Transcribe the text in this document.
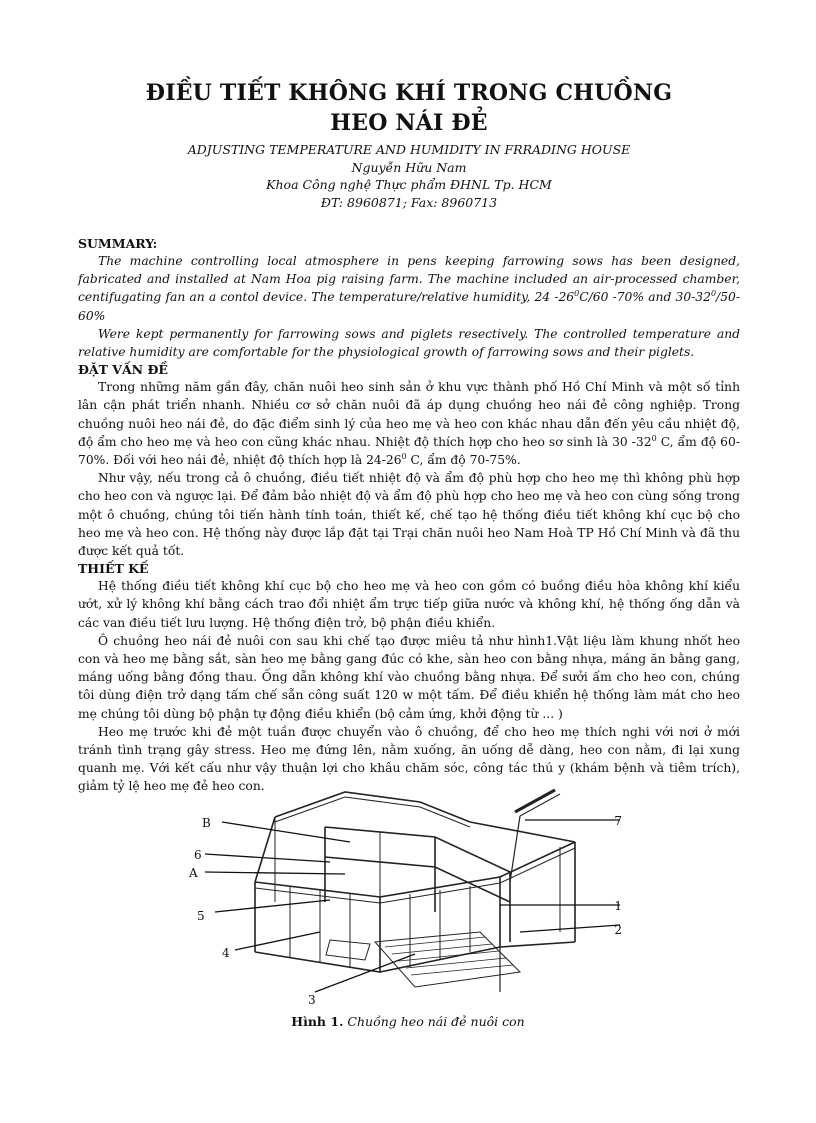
ĐIỀU TIẾT KHÔNG KHÍ TRONG CHUỒNG
HEO NÁI ĐẺ

ADJUSTING TEMPERATURE AND HUMIDITY IN FRRADING HOUSE

Nguyễn Hữu Nam

Khoa Công nghệ Thực phẩm ĐHNL Tp. HCM

ĐT: 8960871; Fax: 8960713

SUMMARY:

The machine controlling local atmosphere in pens keeping farrowing sows has been designed, fabricated and installed at Nam Hoa pig raising farm. The machine included an air-processed chamber, centifugating fan an a contol device. The temperature/relative humidity, 24 $-26^0C/60$ -70% and $30-32^0/50-60\%$

Were kept permanently for farrowing sows and piglets resectively. The controlled temperature and relative humidity are comfortable for the physiological growth of farrowing sows and their piglets.

ĐẶT VẤN ĐỀ

Trong những năm gần đây, chăn nuôi heo sinh sản ở khu vực thành phố Hồ Chí Minh và một số tỉnh lân cận phát triển nhanh. Nhiều cơ sở chăn nuôi đã áp dụng chuồng heo nái đẻ công nghiệp. Trong chuồng nuôi heo nái đẻ, do đặc điểm sinh lý của heo mẹ và heo con khác nhau dẫn đến yêu cầu nhiệt độ, độ ẩm cho heo mẹ và heo con cũng khác nhau. Nhiệt độ thích hợp cho heo sơ sinh là 30 $-32^0$ C, ẩm độ 60-70%. Đối với heo nái đẻ, nhiệt độ thích hợp là $24-26^0$ C, ẩm độ 70-75%.

Như vậy, nếu trong cả ô chuồng, điều tiết nhiệt độ và ẩm độ phù hợp cho heo mẹ thì không phù hợp cho heo con và ngược lại. Để đảm bảo nhiệt độ và ẩm độ phù hợp cho heo mẹ và heo con cùng sống trong một ô chuồng, chúng tôi tiến hành tính toán, thiết kế, chế tạo hệ thống điều tiết không khí cục bộ cho heo mẹ và heo con. Hệ thống này được lắp đặt tại Trại chăn nuôi heo Nam Hoà TP Hồ Chí Minh và đã thu được kết quả tốt.

THIẾT KẾ

Hệ thống điều tiết không khí cục bộ cho heo mẹ và heo con gồm có buồng điều hòa không khí kiểu ướt, xử lý không khí bằng cách trao đổi nhiệt ẩm trực tiếp giữa nước và không khí, hệ thống ống dẫn và các van điều tiết lưu lượng. Hệ thống điện trở, bộ phận điều khiển.

Ô chuồng heo nái đẻ nuôi con sau khi chế tạo được miêu tả như hình1.Vật liệu làm khung nhốt heo con và heo mẹ bằng sắt, sàn heo mẹ bằng gang đúc có khe, sàn heo con bằng nhựa, máng ăn bằng gang, máng uống bằng đồng thau. Ống dẫn không khí vào chuồng bằng nhựa. Để sưởi ấm cho heo con, chúng tôi dùng điện trở dạng tấm chế sẵn công suất 120 w một tấm. Để điều khiển hệ thống làm mát cho heo mẹ chúng tôi dùng bộ phận tự động điều khiển (bộ cảm ứng, khởi động từ ... )

Heo mẹ trước khi đẻ một tuần được chuyển vào ô chuồng, để cho heo mẹ thích nghi với nơi ở mới tránh tình trạng gây stress. Heo mẹ đứng lên, nằm xuống, ăn uống dễ dàng, heo con nằm, đi lại xung quanh mẹ. Với kết cấu như vậy thuận lợi cho khâu chăm sóc, công tác thú y (khám bệnh và tiêm trích), giảm tỷ lệ heo mẹ đẻ heo con.

B
6
A
5
4
3
7
1
2
Hình 1. Chuồng heo nái đẻ nuôi con
